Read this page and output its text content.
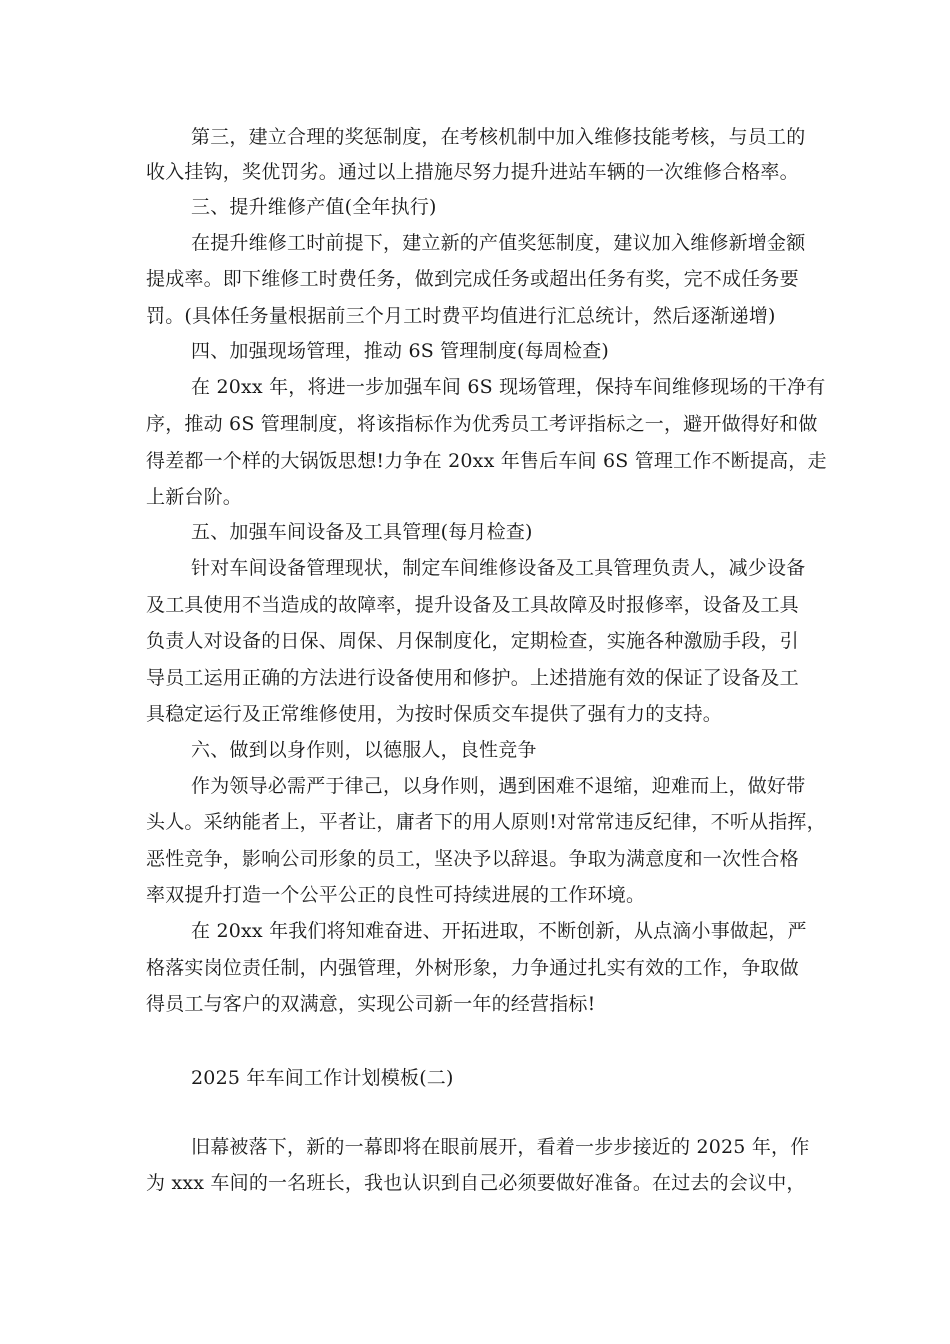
第三，建立合理的奖惩制度，在考核机制中加入维修技能考核，与员工的
收入挂钩，奖优罚劣。通过以上措施尽努力提升进站车辆的一次维修合格率。
三、提升维修产值(全年执行)
在提升维修工时前提下，建立新的产值奖惩制度，建议加入维修新增金额
提成率。即下维修工时费任务，做到完成任务或超出任务有奖，完不成任务要
罚。(具体任务量根据前三个月工时费平均值进行汇总统计，然后逐渐递增)
四、加强现场管理，推动 6S 管理制度(每周检查)
在 20xx 年，将进一步加强车间 6S 现场管理，保持车间维修现场的干净有
序，推动 6S 管理制度，将该指标作为优秀员工考评指标之一，避开做得好和做
得差都一个样的大锅饭思想!力争在 20xx 年售后车间 6S 管理工作不断提高，走
上新台阶。
五、加强车间设备及工具管理(每月检查)
针对车间设备管理现状，制定车间维修设备及工具管理负责人，减少设备
及工具使用不当造成的故障率，提升设备及工具故障及时报修率，设备及工具
负责人对设备的日保、周保、月保制度化，定期检查，实施各种激励手段，引
导员工运用正确的方法进行设备使用和修护。上述措施有效的保证了设备及工
具稳定运行及正常维修使用，为按时保质交车提供了强有力的支持。
六、做到以身作则，以德服人，良性竞争
作为领导必需严于律己，以身作则，遇到困难不退缩，迎难而上，做好带
头人。采纳能者上，平者让，庸者下的用人原则!对常常违反纪律，不听从指挥，
恶性竞争，影响公司形象的员工，坚决予以辞退。争取为满意度和一次性合格
率双提升打造一个公平公正的良性可持续进展的工作环境。
在 20xx 年我们将知难奋进、开拓进取，不断创新，从点滴小事做起，严
格落实岗位责任制，内强管理，外树形象，力争通过扎实有效的工作，争取做
得员工与客户的双满意，实现公司新一年的经营指标!
2025 年车间工作计划模板(二)
旧幕被落下，新的一幕即将在眼前展开，看着一步步接近的 2025 年，作
为 xxx 车间的一名班长，我也认识到自己必须要做好准备。在过去的会议中，
